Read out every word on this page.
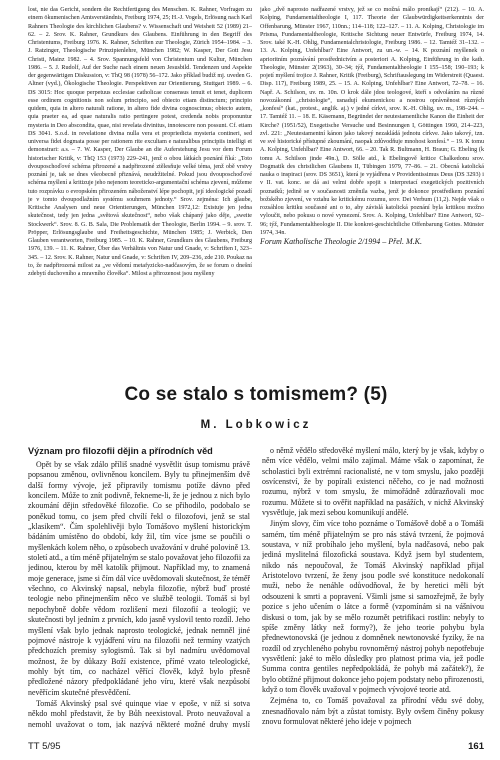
lost, nie das Gericht, sondern die Rechtfertigung des Menschen. K. Rahner, Vorfragen zu einem ökumenischen Amtsverständnis, Freiburg 1974, 25; H.-J. Vogels, Erlösung nach Karl Rahners Theologie des kirchlichen Glaubens? v. Wissenschaft und Weisheit 52 (1989) 21–62. – 2. Srov. K. Rahner, Grundkurs des Glaubens. Einführung in den Begriff des Christentums, Freiburg 1976. K. Rahner, Schriften zur Theologie, Zürich 1954–1984. – 3. J. Ratzinger, Theologische Prinzipienlehre, München 1982; W. Kasper, Der Gott Jesu Christi, Mainz 1982. – 4. Srov. Spannungsfeld von Christentum und Kultur, München 1986. – 5. J. Rudolf, Auf der Suche nach einem neuen Jesusbild. Tendenzen und Aspekte der gegenwärtigen Diskussion, v: ThQ 98 (1978) 56–172. Jako příklad budiž mj. uveden G. Altner (vyd.), Ökologische Theologie. Perspektiven zur Orientierung, Stuttgart 1989. – 6. DS 3015: Hoc quoque perpetuus ecclesiae catholicae consensus tenuit et tenet, duplicem esse ordinem cognitionis non solum principio, sed obiecto etiam distinctum; principio quidem, quia in altero naturali ratione, in altero fide divina cognoscimus; obiecto autem, quia praeter ea, ad quae naturalis ratio pertingere potest, credenda nobis proponuntur mysteria in Deo abscondita, quae, nisi revelata divinitus, innotescere non possunt. Cf. etiam DS 3041. S.o.d. in revelatione divina nulla vera et propriedicta mysteria contineri, sed universa fidei dogmata posse per rationem rite excultam e naturalibus principiis intelligi et demonstrari: a.s. – 7. W. Kasper, Der Glaube an die Auferstehung Jesu vor dem Forum historischer Kritik, v: ThQ 153 (1973) 229–241, jenž o obou látkách poznání říká: „Toto dvouposchoďové schéma přirozené a nadpřirozené ztělesňuje velké téma, jenž obě vrstvy poznání je, tak se dnes všeobecně přiznává, neudržitelné. Pokud jsou dvouposchoďové schéma myšlení a kritizuje jeho nejenom teoreticko-argumentační schéma zjevení, můžeme tuto rozprávku o evropském přirozeném náboženství lépe pochopit, její ideologické pozadí je v tomto dvoupodlažním systému souhrnem jednoty.“ Srov. zejména: Ich glaube, Kritische Analysen und neue Orientierungen, München 1972,12: Existuje jen jedna skutečnost, tedy jen jedna „světová skutečnost“, nebo však chápaný jako děje, „sweite Stockwerk“. Srov. 8. G. B. Sala, Die Problematik der Theologie, Berlin 1994. – 9. srov. T. Pröpper, Erlösungsglaube und Freiheitsgeschichte, München 1985; J. Werbick, Den Glauben verantworten, Freiburg 1985. – 10. K. Rahner, Grundkurs des Glaubens, Freiburg 1976, 139. – 11. K. Rahner, Über das Verhältnis von Natur und Gnade, v: Schriften I, 323–345. – 12. Srov. K. Rahner, Natur und Gnade, v: Schriften IV, 209–236, zde 210. Poukaz na to, že nadpřirozená milost za „ve vědomí metafyzicko-nadčasovým, že se forum o dnešní zdebytí duchovního a mravního člověka“. Milost a přirozenost jsou myšleny

jako „dvě naprosto nadřazené vrstvy, jež se co možná málo pronikají“ (212). – 10. A. Kolping, Fundamentaltheologie I, 117. Theorie der Glaubwürdigkeitserkenntnis der Offenbarung, Münster 1967, 110nn.; 114–118; 122–127. – 11. A. Kolping, Christologie im Prisma, Fundamentaltheologie, Kritische Sichtung neuer Entwürfe, Freiburg 1974, 14. Srov. také K.-H. Ohlig, Fundamentalchristologie, Freiburg 1986. – 12. Tamtéž 31–132. – 13. A. Kolping, Unfehlbar? Eine Antwort, zu un.-w. – 14. K poznání myšlenek o aprioritním poznávání prostřednictvím a posteriori A. Kolping, Einführung in die kath. Theologie, Münster 2(1963), 30–34; týž, Fundamentaltheologie I 155–158; 190–193; k pojetí myšlení trojice J. Rahner, Kritik (Freiburg), Schriftauslegung im Widerstreit (Quaest. Disp. 117), Freiburg 1989, 25. – 15. A. Kolping, Unfehlbar? Eine Antwort, 72–78. – 16. Např. A. Schilson, uv. m. 10n. O krok dále jdou teologové, kteří s odvoláním na různé novozákonní „christologie“, usnadují ekumenickou a nostrou oprávněnost různých „konfesí“ (kat., protest., anglik. aj.) v jedné církvi, srov. K.-H. Ohlig, uv. m., 198–244. – 17. Tamtéž 11. – 18. E. Käsemann, Begründet der neutestamentliche Kanon die Einheit der Kirche? (1951/52), Exegetische Versuche und Besinnungen I, Göttingen 1960, 214–223, zvl. 221: „Neutestamentní kánon jako takový nezakládá jednotu církve. Jako takový, tzn. ve své historické přístupné zkoumání, naopak zdůvodňuje mnohost konfesí.“ – 19. K tomu A. Kolping, Unfehlbar? Eine Antwort, 66. – 20. Tak R. Bultmann, H. Braun; G. Ebeling (k tomu A. Schilson jinde 49n.), D. Sölle atd., k Ebelingově kritice Chalkedonu srov. Dogmatik des christlichen Glaubens II, Tübingen 1979, 77–86. – 21. Obecná katolická nauka o inspiraci (srov. DS 3651), která je vyjádřena v Providentissimus Deus (DS 3293) i v II. vat. konc. se dá asi velmi dobře spojit s interpretací exegetických pozitivních poznatků; jedině se v současnosti změnila vazba, jenž je dokonce prostředkem poznání božského zjevení, ve vztahu ke kritickému rozumu, srov. Dei Verbum (11,2). Nejde však o rozsáhlou kritiku současné ani o to, aby závislá katolická poznání byla kritikou možno vyloučit, nebo pokusu o nové vymezení. Srov. A. Kolping, Unfehlbar? Eine Antwort, 92–96; týž, Fundamentaltheologie II. Die konkret-geschichtliche Offenbarung Gottes. Münster 1974, 34n.

Forum Katholische Theologie 2/1994 – Přel. M.K.

Co se stalo s tomismem? (5)

M. Lobkowicz

Význam pro filozofii dějin a přírodních věd

Opět by se však zdálo příliš snadné vysvětlit úsup tomismu právě popsanou změnou, ovlivněnou koncilem. Byly tu přinejmenším dvě další formy vývoje, jež připravily tomismu potíže dávno před koncilem. Může to znít podivně, řekneme-li, že je jednou z nich bylo zkoumání dějin středověké filozofie. Co se přihodilo, podobalo se poněkud tomu, co jsem před chvílí řekl o filozofovi, jenž se stal „klasikem“. Čím spolehlivěji bylo Tomášovo myšlení historickým bádáním umístěno do období, kdy žil, tím více jsme se poučili o myšlenkách kolem něho, o způsobech uvažování v druhé polovině 13. století atd., a tím méně přijatelným se stalo považovat jeho filozofii za jedinou, kterou by měl katolík přijmout. Například my, to znamená moje generace, jsme si čím dál více uvědomovali skutečnost, že téměř všechno, co Akvinský napsal, nebyla filozofie, nýbrž buď prosté teologie nebo přinejmenším něco ve službě teologii. Tomáš si byl nepochybně dobře vědom rozlišení mezi filozofií a teologií; ve skutečnosti byl jedním z prvních, kdo jasně vyslovil tento rozdíl. Jeho myšlení však bylo jednak naprosto teologické, jednak nemněl jiné pojmové nástroje k vyjádření víru na filozofii než termíny vzatých předchozích premisy sylogismů. Tak si byl nadmíru uvědomoval možnost, že by důkazy Boží existence, přímé vzato teleologické, mohly být tím, co nacházel věřící člověk, když bylo přesně předložené názory předpokládané jeho víru, které však nezpůsobí nevěřícím skutečné přesvědčení.

Tomáš Akvinský psal své quinque viae v epoše, v níž si sotva někdo mohl představit, že by Bůh neexistoval. Proto neuvažoval a nemohl uvažovat o tom, jak nazývá některé možné druhy myslí

o němž vědělo středověké myšlení málo, který by je však, kdyby o něm více vědělo, velmi málo zajímal. Máme však o zapomínat, že scholastici byli extrémní racionalisté, ne v tom smyslu, jako později osvícenství, že by popírali existenci něčeho, co je nad možnosti rozumu, nýbrž v tom smyslu, že mimořádně zdůrazňovali moc rozumu. Můžete si to ověřit například na pasážích, v nichž Akvinský vysvětluje, jak mezi sebou komunikují andělé.

Jiným slovy, čím více toho poznáme o Tomášově době a o Tomáši samém, tím méně přijatelným se pro nás stává tvrzení, že pojmová soustava, v níž probíhalo jeho myšlení, byla nadčasová, nebo pak jediná myslitelná filozofická soustava. Když jsem byl studentem, nikdo nás nepoučoval, že Tomáš Akvinský například přijal Aristotelovo tvrzení, že ženy jsou podle své konstituce nedokonalí muži, nebo že nenáhle odůvodňoval, že by heretici měli být odsouzeni k smrti a popravení. Všimli jsme si samozřejmě, že byly pozice s jeho učením o látce a formě (vzpomínám si na vášnivou diskusi o tom, jak by se mělo rozumět petrifikaci rostlin: nebyly to spíše změny látky než formy?), že jeho teorie pohybu byla přednewtonovská (je jednou z domněnek newtonovské fyziky, že na rozdíl od zrychleného pohybu rovnoměrný nástroj pohyb nepotřebuje vysvětlení: jaké to mělo důsledky pro platnost prima via, jež podle Summa contra gentiles nepředpokládá, že pohyb má začátek?), že bylo obtížné přijmout dokonce jeho pojem podstaty nebo přirozenosti, když o tom člověk uvažoval v pojmech vývojové teorie atd.

Zejména to, co Tomáš považoval za přírodní vědu své doby, znesnadňovalo nám být a zůstat tomisty. Byly ovšem činěny pokusy znovu formulovat některé jeho ideje v pojmech

TT 5/95	161
